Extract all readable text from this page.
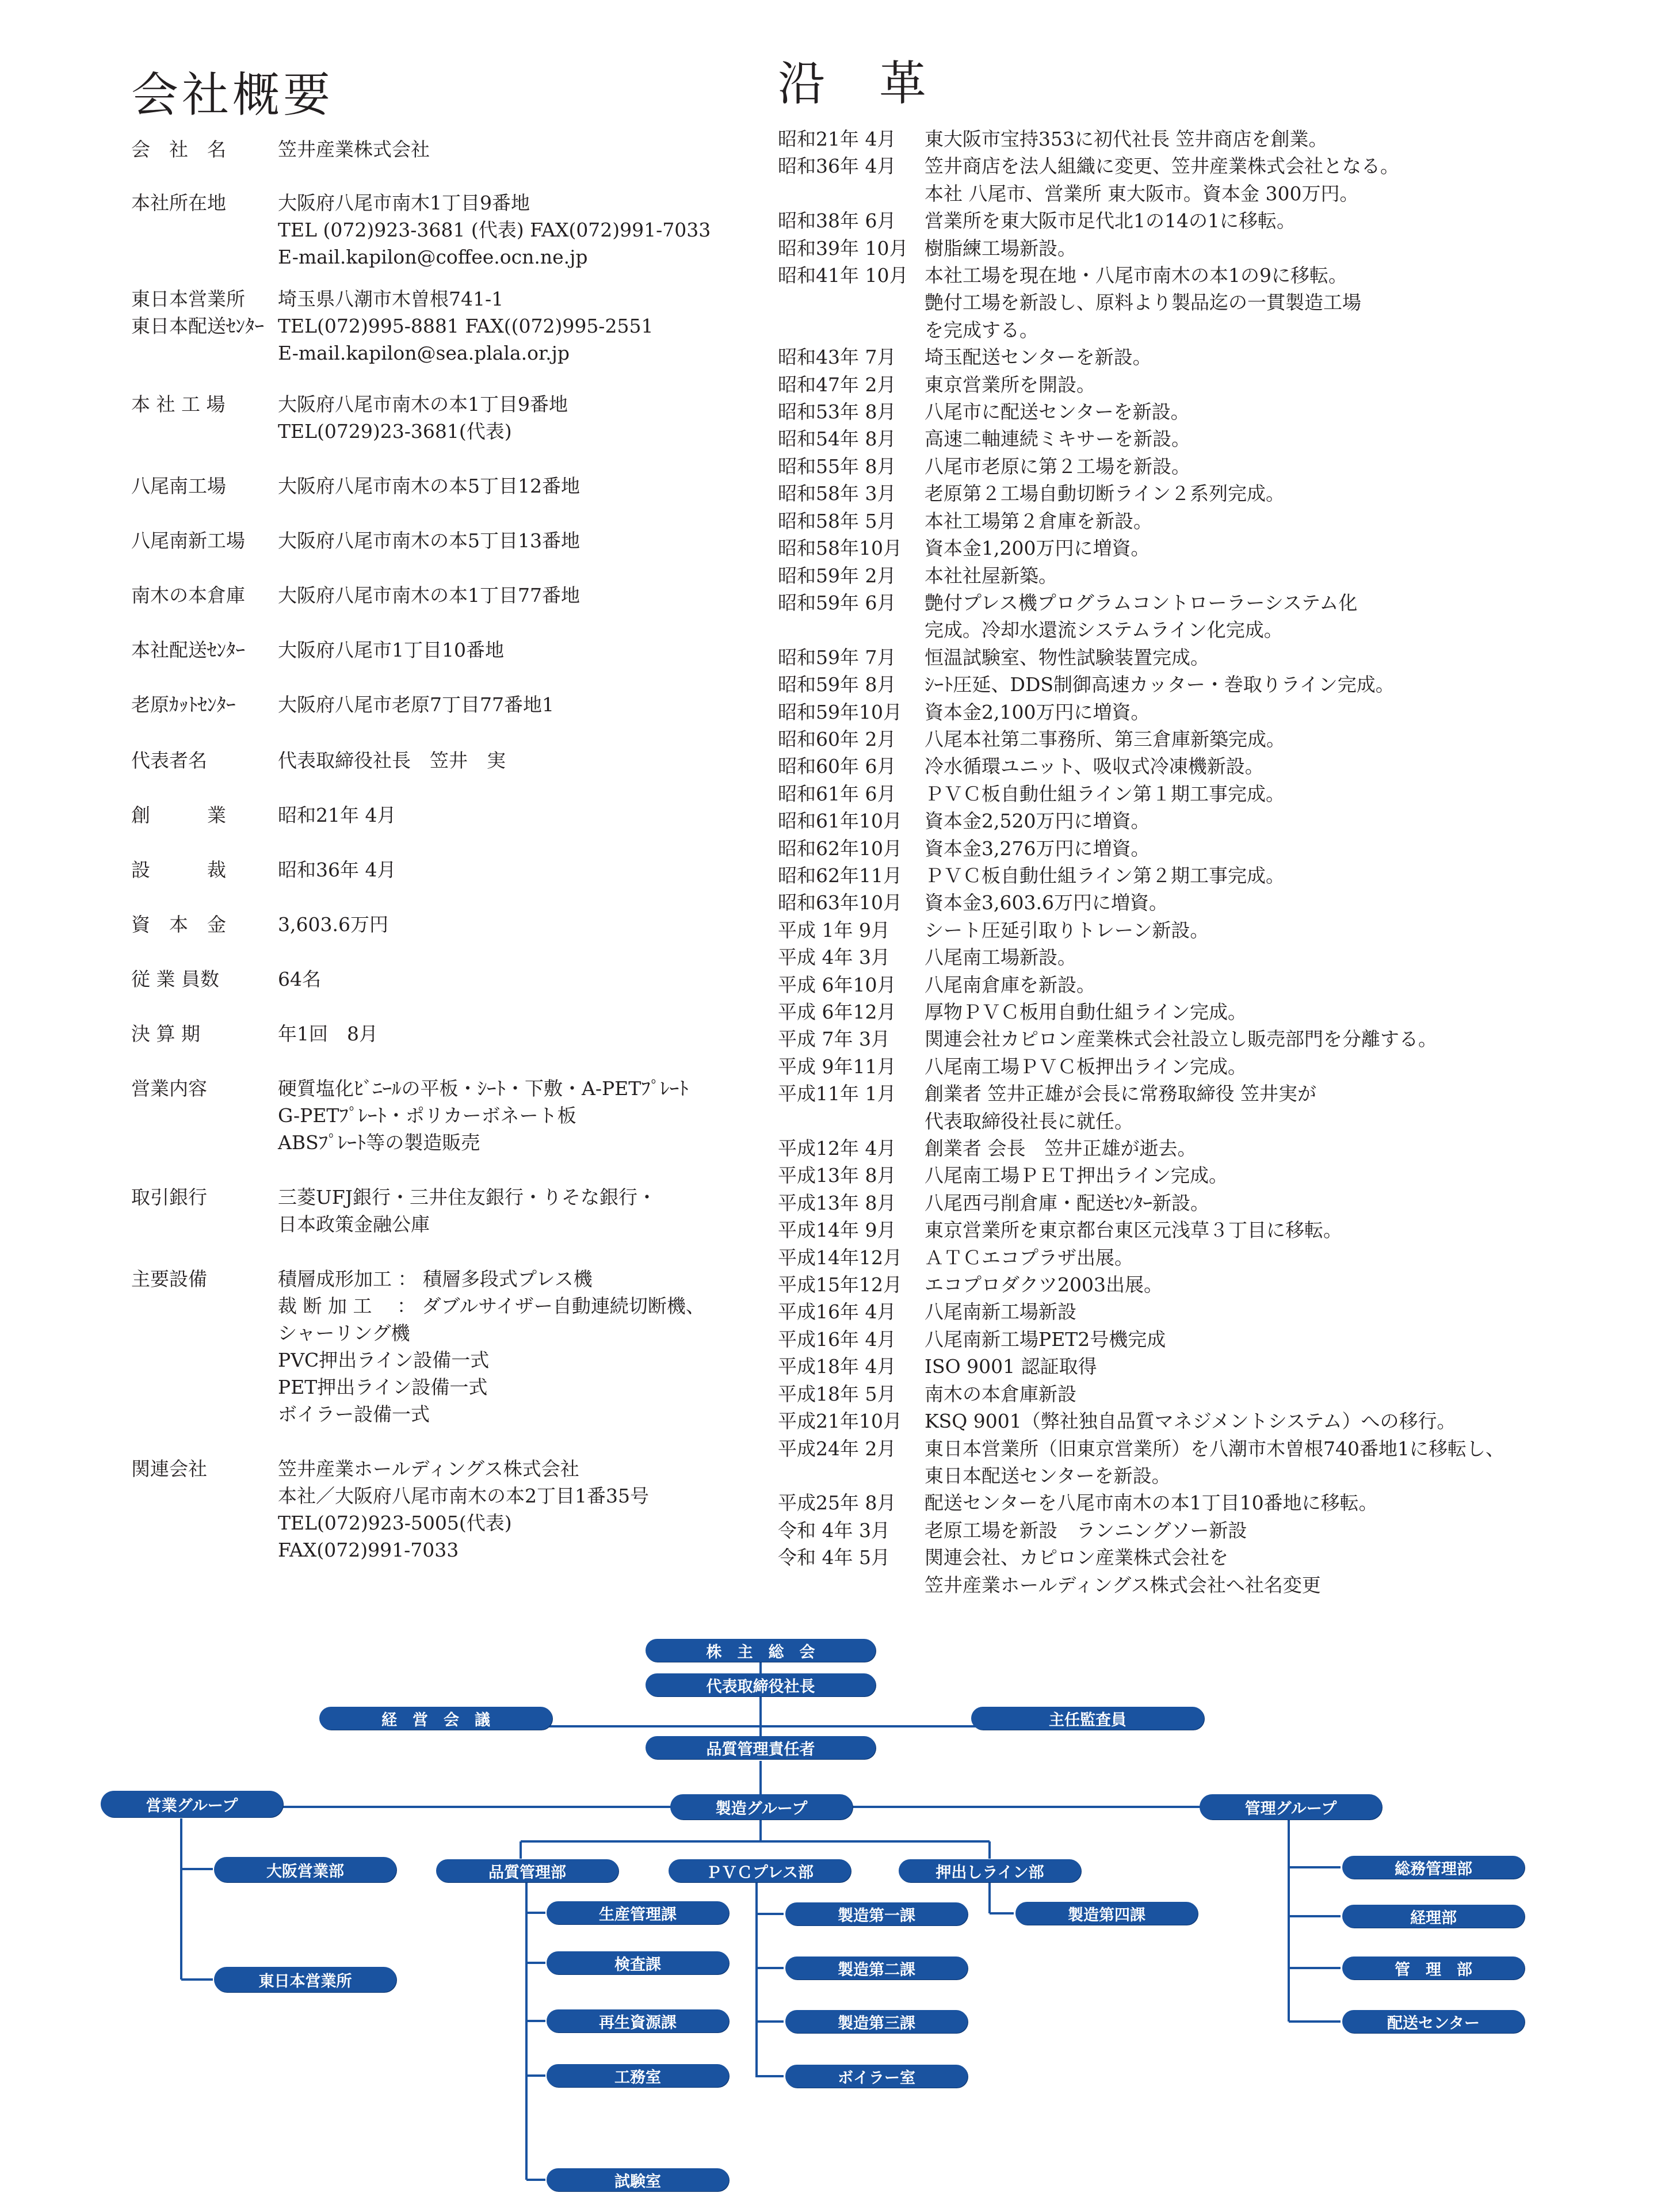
会社概要
会　社　名	笠井産業株式会社
本社所在地	大阪府八尾市南木1丁目9番地
TEL (072)923-3681 (代表) FAX(072)991-7033
E-mail.kapilon@coffee.ocn.ne.jp
東日本営業所	埼玉県八潮市木曽根741-1
東日本配送ｾﾝﾀｰ TEL(072)995-8881 FAX((072)995-2551
E-mail.kapilon@sea.plala.or.jp
本 社 工 場	大阪府八尾市南木の本1丁目9番地
TEL(0729)23-3681(代表)
八尾南工場	大阪府八尾市南木の本5丁目12番地
八尾南新工場	大阪府八尾市南木の本5丁目13番地
南木の本倉庫	大阪府八尾市南木の本1丁目77番地
本社配送ｾﾝﾀｰ	大阪府八尾市1丁目10番地
老原ｶｯﾄｾﾝﾀｰ	大阪府八尾市老原7丁目77番地1
代表者名	代表取締役社長　笠井　実
創　　　業	昭和21年 4月
設　　　裁	昭和36年 4月
資　本　金	3,603.6万円
従 業 員数	64名
決 算 期	年1回　8月
営業内容	硬質塩化ﾋﾞﾆｰﾙの平板・ｼｰﾄ・下敷・A-PETﾌﾟﾚｰﾄ
G-PETﾌﾟﾚｰﾄ・ポリカーボネート板
ABSﾌﾟﾚｰﾄ等の製造販売
取引銀行	三菱UFJ銀行・三井住友銀行・りそな銀行・
日本政策金融公庫
主要設備	積層成形加工 ： 積層多段式プレス機
裁 断 加 工 　： ダブルサイザー自動連続切断機、
シャーリング機
PVC押出ライン設備一式
PET押出ライン設備一式
ボイラー設備一式
関連会社	笠井産業ホールディングス株式会社
本社／大阪府八尾市南木の本2丁目1番35号
TEL(072)923-5005(代表)
FAX(072)991-7033
沿　革
昭和21年 4月	東大阪市宝持353に初代社長 笠井商店を創業。
昭和36年 4月	笠井商店を法人組織に変更、笠井産業株式会社となる。
本社 八尾市、営業所 東大阪市。資本金 300万円。
昭和38年 6月	営業所を東大阪市足代北1の14の1に移転。
昭和39年 10月 樹脂練工場新設。
昭和41年 10月 本社工場を現在地・八尾市南木の本1の9に移転。
艶付工場を新設し、原料より製品迄の一貫製造工場
を完成する。
昭和43年 7月	埼玉配送センターを新設。
昭和47年 2月	東京営業所を開設。
昭和53年 8月	八尾市に配送センターを新設。
昭和54年 8月	高速二軸連続ミキサーを新設。
昭和55年 8月	八尾市老原に第２工場を新設。
昭和58年 3月	老原第２工場自動切断ライン２系列完成。
昭和58年 5月	本社工場第２倉庫を新設。
昭和58年10月	資本金1,200万円に増資。
昭和59年 2月	本社社屋新築。
昭和59年 6月	艶付プレス機プログラムコントローラーシステム化
完成。冷却水還流システムライン化完成。
昭和59年 7月	恒温試験室、物性試験装置完成。
昭和59年 8月	ｼｰﾄ圧延、DDS制御高速カッター・巻取りライン完成。
昭和59年10月	資本金2,100万円に増資。
昭和60年 2月	八尾本社第二事務所、第三倉庫新築完成。
昭和60年 6月	冷水循環ユニット、吸収式冷凍機新設。
昭和61年 6月	ＰＶＣ板自動仕組ライン第１期工事完成。
昭和61年10月	資本金2,520万円に増資。
昭和62年10月	資本金3,276万円に増資。
昭和62年11月	ＰＶＣ板自動仕組ライン第２期工事完成。
昭和63年10月	資本金3,603.6万円に増資。
平成 1年 9月	シート圧延引取りトレーン新設。
平成 4年 3月	八尾南工場新設。
平成 6年10月	八尾南倉庫を新設。
平成 6年12月	厚物ＰＶＣ板用自動仕組ライン完成。
平成 7年 3月	関連会社カピロン産業株式会社設立し販売部門を分離する。
平成 9年11月	八尾南工場ＰＶＣ板押出ライン完成。
平成11年 1月	創業者 笠井正雄が会長に常務取締役 笠井実が
代表取締役社長に就任。
平成12年 4月	創業者 会長　笠井正雄が逝去。
平成13年 8月	八尾南工場ＰＥＴ押出ライン完成。
平成13年 8月	八尾西弓削倉庫・配送ｾﾝﾀｰ新設。
平成14年 9月	東京営業所を東京都台東区元浅草３丁目に移転。
平成14年12月	ＡＴＣエコプラザ出展。
平成15年12月	エコプロダクツ2003出展。
平成16年 4月	八尾南新工場新設
平成16年 4月	八尾南新工場PET2号機完成
平成18年 4月	ISO 9001 認証取得
平成18年 5月	南木の本倉庫新設
平成21年10月	KSQ 9001（弊社独自品質マネジメントシステム）への移行。
平成24年 2月	東日本営業所（旧東京営業所）を八潮市木曽根740番地1に移転し、
東日本配送センターを新設。
平成25年 8月	配送センターを八尾市南木の本1丁目10番地に移転。
令和 4年 3月	老原工場を新設　ランニングソー新設
令和 4年 5月	関連会社、カピロン産業株式会社を
笠井産業ホールディングス株式会社へ社名変更
株　主　総　会
代表取締役社長
経　営　会　議	主任監査員
品質管理責任者
営業グループ	製造グループ	管理グループ
大阪営業部
東日本営業所
品質管理部	ＰＶＣプレス部	押出しライン部
生産管理課
検査課
再生資源課
工務室
試験室
製造第一課
製造第二課
製造第三課
ボイラー室
製造第四課
総務管理部
経理部
管　理　部
配送センター
